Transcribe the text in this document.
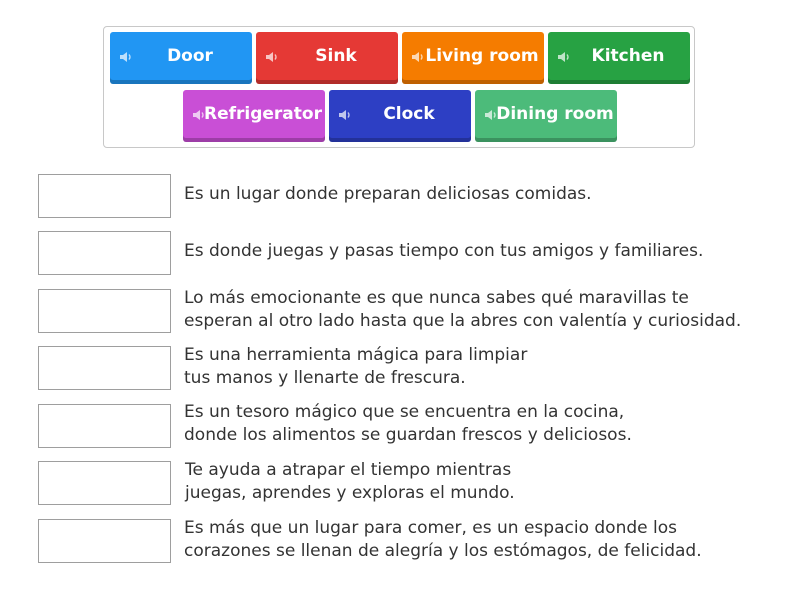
Door	Sink	Living room	Kitchen
Refrigerator	Clock	Dining room
Es un lugar donde preparan deliciosas comidas.
Es donde juegas y pasas tiempo con tus amigos y familiares.
Lo más emocionante es que nunca sabes qué maravillas te
esperan al otro lado hasta que la abres con valentía y curiosidad.
Es una herramienta mágica para limpiar
tus manos y llenarte de frescura.
Es un tesoro mágico que se encuentra en la cocina,
donde los alimentos se guardan frescos y deliciosos.
Te ayuda a atrapar el tiempo mientras
juegas, aprendes y exploras el mundo.
Es más que un lugar para comer, es un espacio donde los
corazones se llenan de alegría y los estómagos, de felicidad.
